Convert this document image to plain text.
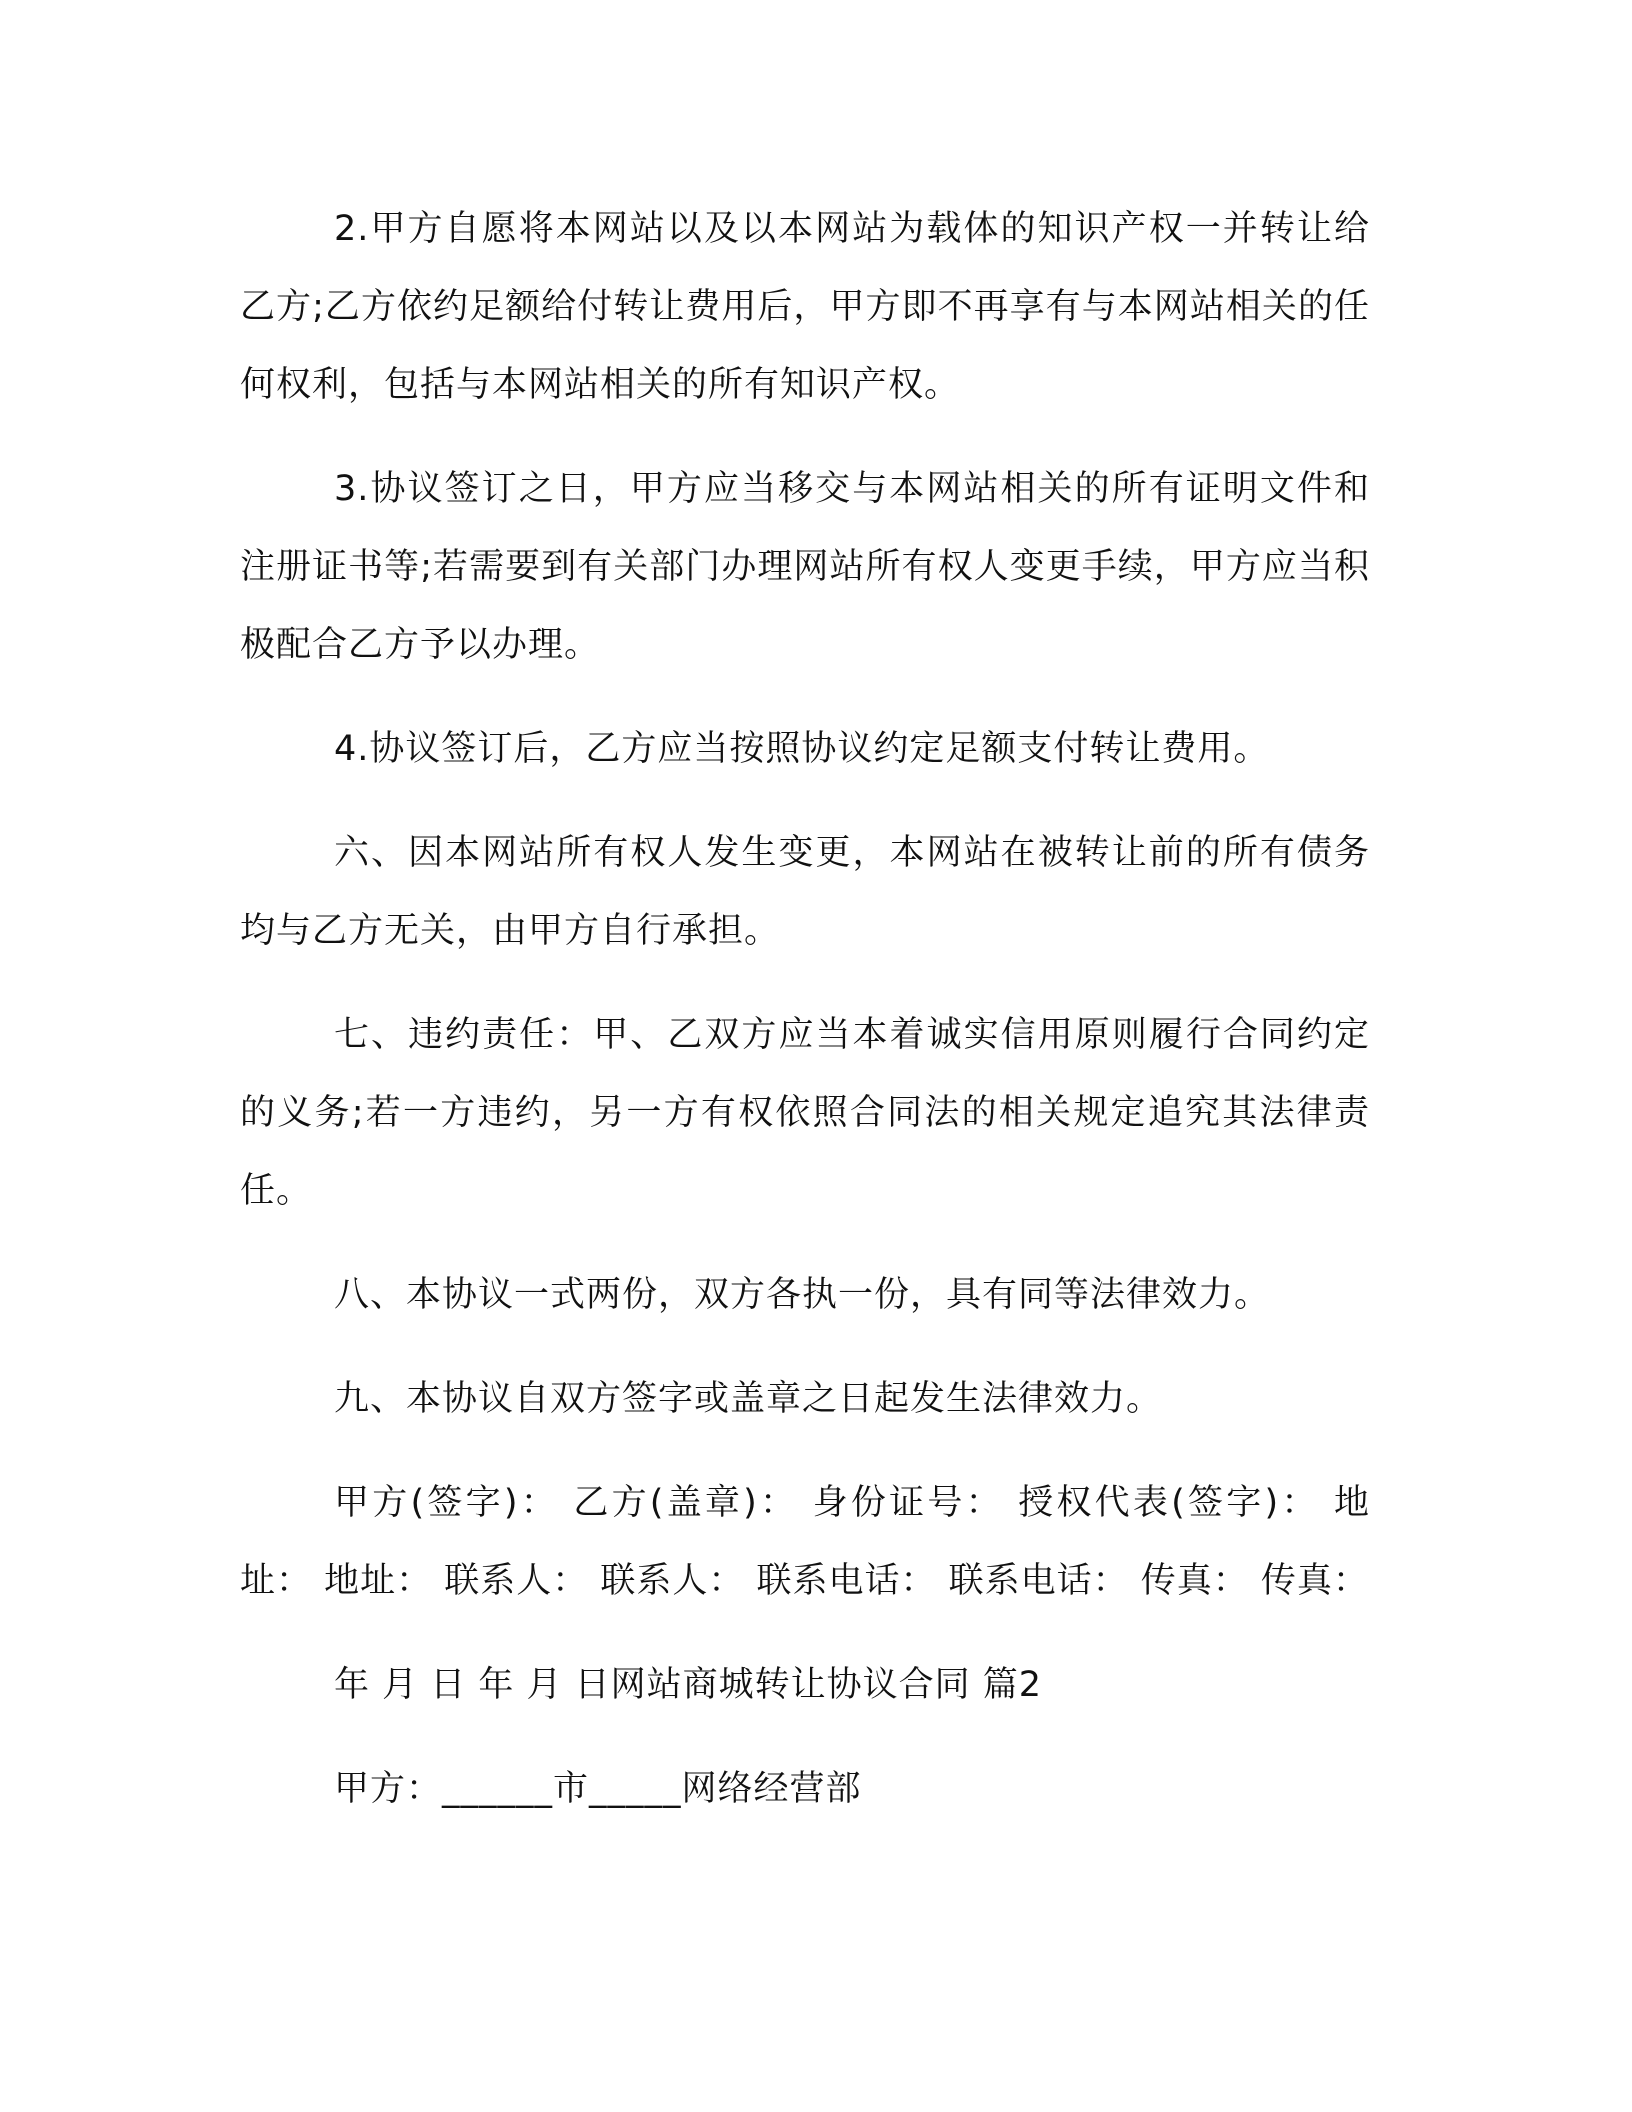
2.甲方自愿将本网站以及以本网站为载体的知识产权一并转让给乙方;乙方依约足额给付转让费用后，甲方即不再享有与本网站相关的任何权利，包括与本网站相关的所有知识产权。

3.协议签订之日，甲方应当移交与本网站相关的所有证明文件和注册证书等;若需要到有关部门办理网站所有权人变更手续，甲方应当积极配合乙方予以办理。

4.协议签订后，乙方应当按照协议约定足额支付转让费用。

六、因本网站所有权人发生变更，本网站在被转让前的所有债务均与乙方无关，由甲方自行承担。

七、违约责任：甲、乙双方应当本着诚实信用原则履行合同约定的义务;若一方违约，另一方有权依照合同法的相关规定追究其法律责任。

八、本协议一式两份，双方各执一份，具有同等法律效力。

九、本协议自双方签字或盖章之日起发生法律效力。

甲方(签字)： 乙方(盖章)： 身份证号： 授权代表(签字)： 地址： 地址： 联系人： 联系人： 联系电话： 联系电话： 传真： 传真：

年 月 日 年 月 日网站商城转让协议合同 篇2

甲方：______市_____网络经营部
